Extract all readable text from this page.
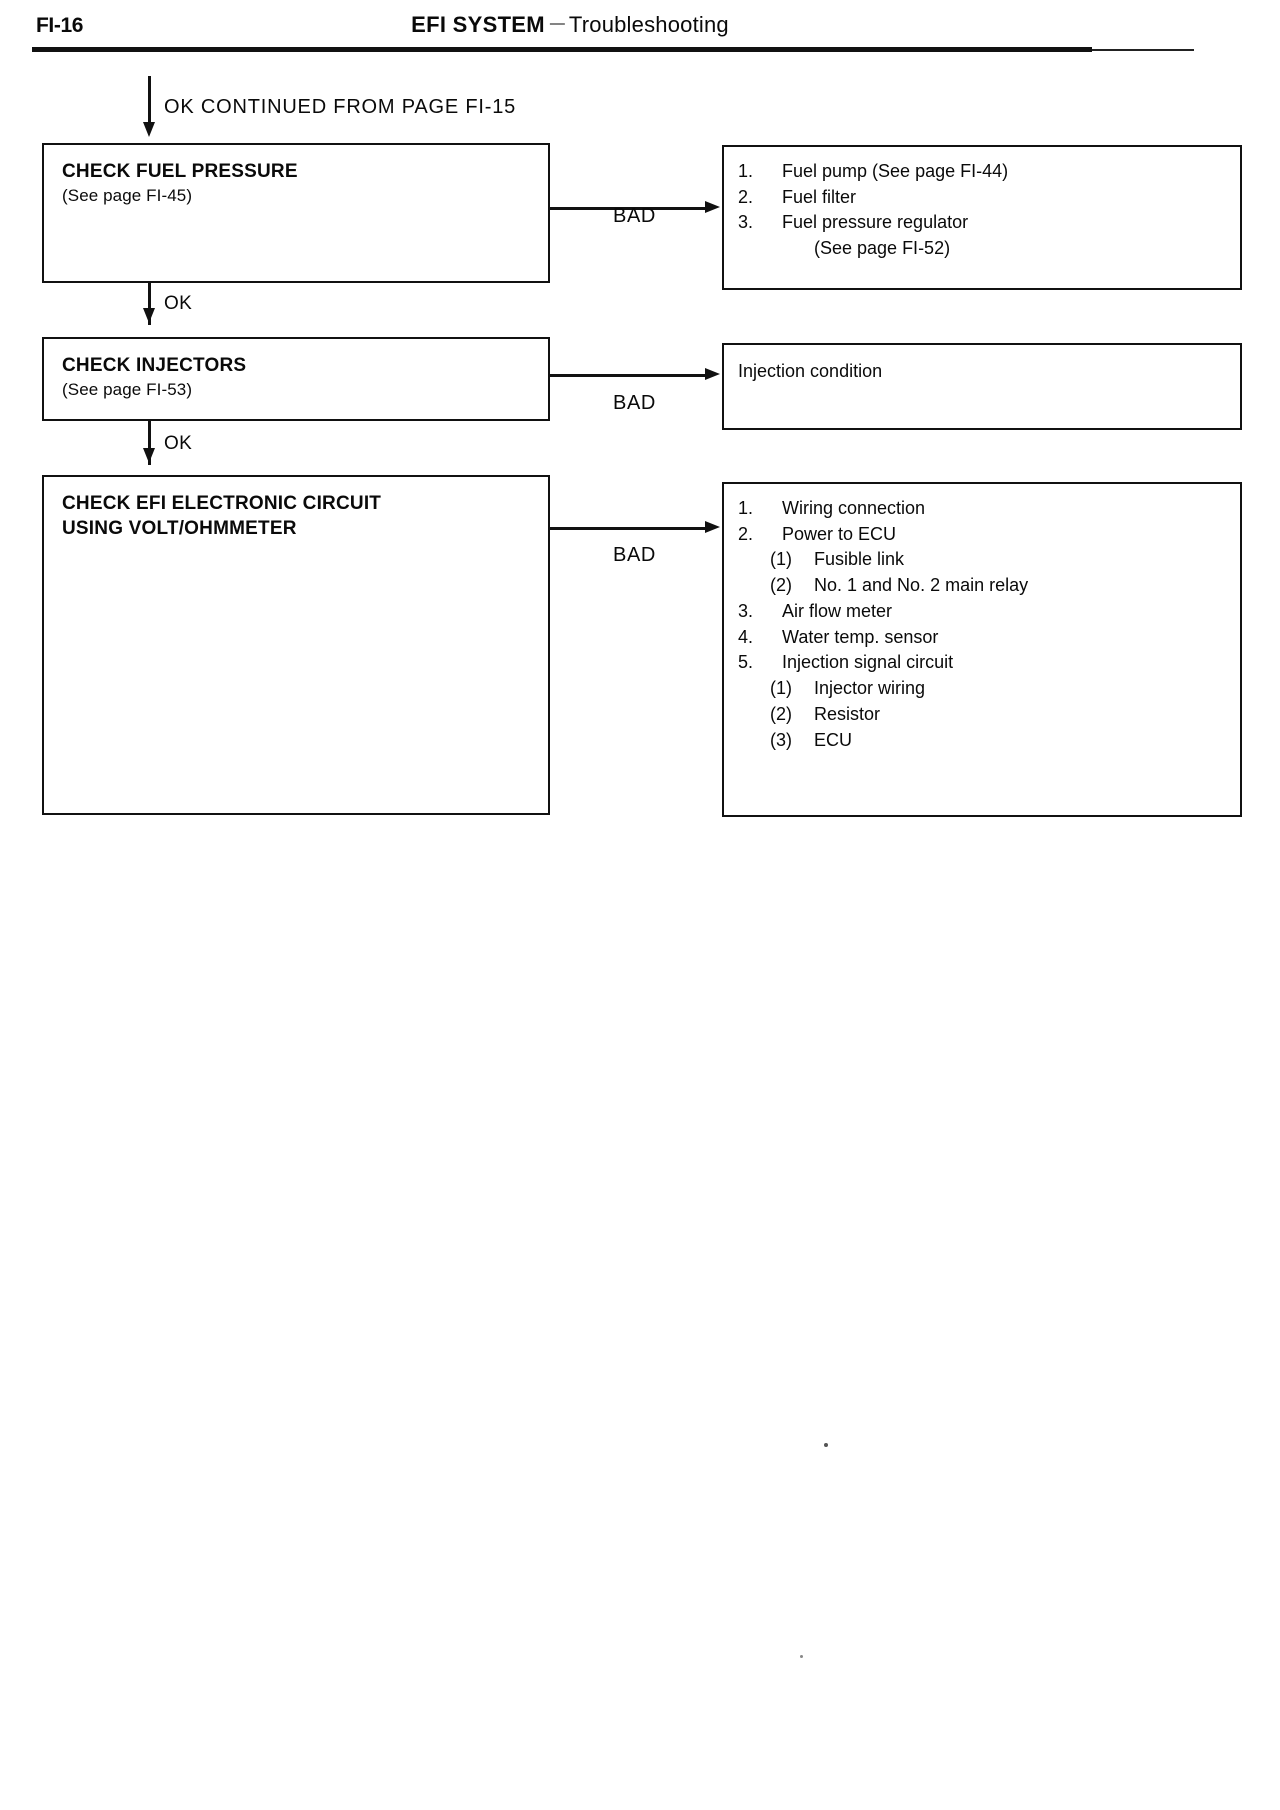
FI-16	EFI SYSTEM — Troubleshooting
OK CONTINUED FROM PAGE FI-15
CHECK FUEL PRESSURE
(See page FI-45)
BAD
1.	Fuel pump (See page FI-44)
2.	Fuel filter
3.	Fuel pressure regulator
(See page FI-52)
OK
CHECK INJECTORS
(See page FI-53)
BAD
Injection condition
OK
CHECK EFI ELECTRONIC CIRCUIT
USING VOLT/OHMMETER
BAD
1.	Wiring connection
2.	Power to ECU
(1)	Fusible link
(2)	No. 1 and No. 2 main relay
3.	Air flow meter
4.	Water temp. sensor
5.	Injection signal circuit
(1)	Injector wiring
(2)	Resistor
(3)	ECU
